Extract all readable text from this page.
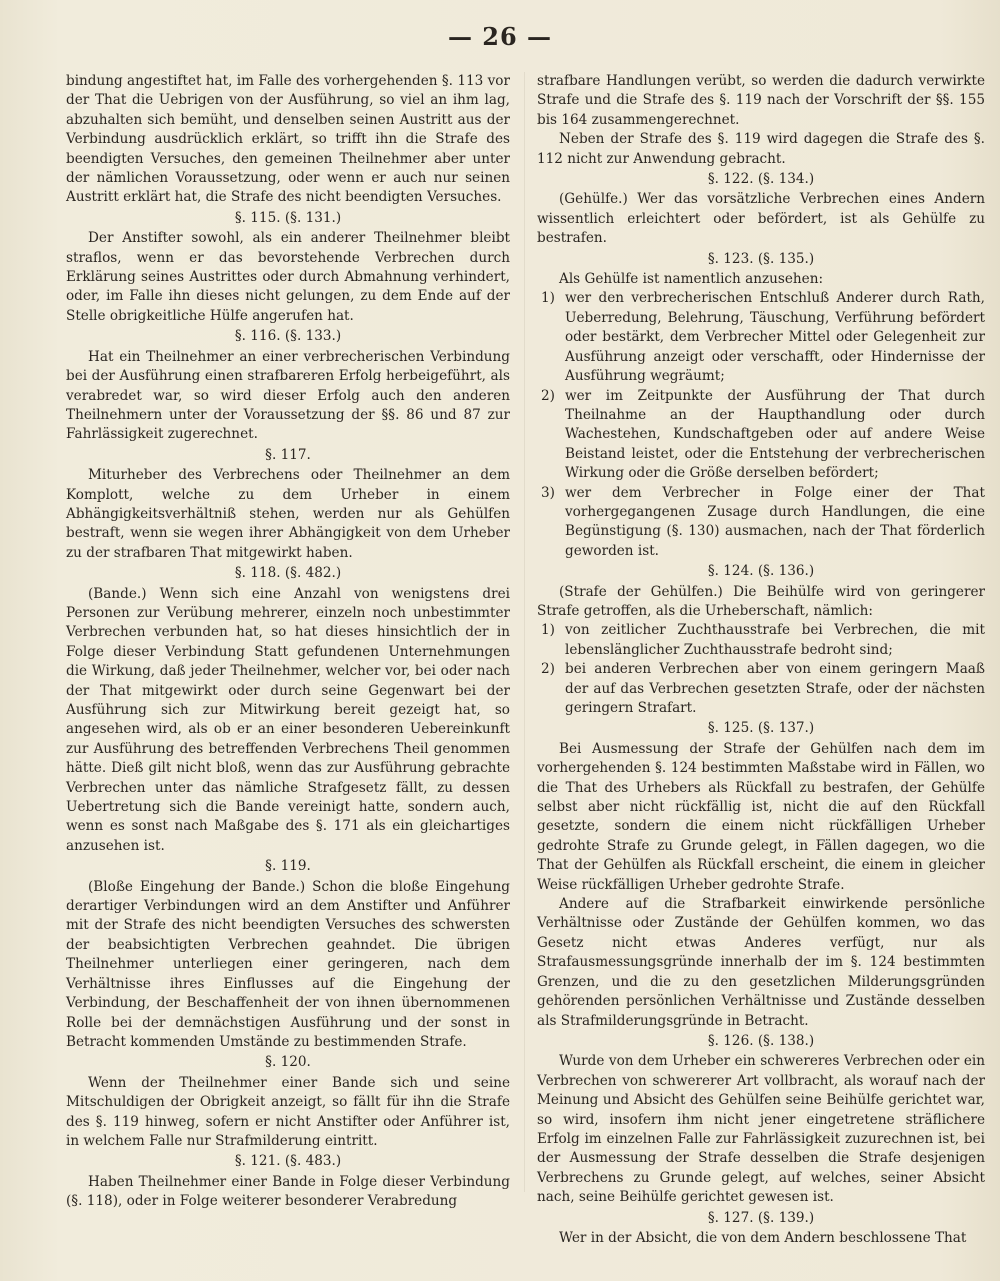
— 26 —

bindung angestiftet hat, im Falle des vorhergehenden §. 113 vor der That die Uebrigen von der Ausführung, so viel an ihm lag, abzuhalten sich bemüht, und denselben seinen Austritt aus der Verbindung ausdrücklich erklärt, so trifft ihn die Strafe des beendigten Versuches, den gemeinen Theilnehmer aber unter der nämlichen Voraussetzung, oder wenn er auch nur seinen Austritt erklärt hat, die Strafe des nicht beendigten Versuches.

§. 115. (§. 131.)

Der Anstifter sowohl, als ein anderer Theilnehmer bleibt straflos, wenn er das bevorstehende Verbrechen durch Erklärung seines Austrittes oder durch Abmahnung verhindert, oder, im Falle ihn dieses nicht gelungen, zu dem Ende auf der Stelle obrigkeitliche Hülfe angerufen hat.

§. 116. (§. 133.)

Hat ein Theilnehmer an einer verbrecherischen Verbindung bei der Ausführung einen strafbareren Erfolg herbeigeführt, als verabredet war, so wird dieser Erfolg auch den anderen Theilnehmern unter der Voraussetzung der §§. 86 und 87 zur Fahrlässigkeit zugerechnet.

§. 117.

Miturheber des Verbrechens oder Theilnehmer an dem Komplott, welche zu dem Urheber in einem Abhängigkeitsverhältniß stehen, werden nur als Gehülfen bestraft, wenn sie wegen ihrer Abhängigkeit von dem Urheber zu der strafbaren That mitgewirkt haben.

§. 118. (§. 482.)

(Bande.) Wenn sich eine Anzahl von wenigstens drei Personen zur Verübung mehrerer, einzeln noch unbestimmter Verbrechen verbunden hat, so hat dieses hinsichtlich der in Folge dieser Verbindung Statt gefundenen Unternehmungen die Wirkung, daß jeder Theilnehmer, welcher vor, bei oder nach der That mitgewirkt oder durch seine Gegenwart bei der Ausführung sich zur Mitwirkung bereit gezeigt hat, so angesehen wird, als ob er an einer besonderen Uebereinkunft zur Ausführung des betreffenden Verbrechens Theil genommen hätte. Dieß gilt nicht bloß, wenn das zur Ausführung gebrachte Verbrechen unter das nämliche Strafgesetz fällt, zu dessen Uebertretung sich die Bande vereinigt hatte, sondern auch, wenn es sonst nach Maßgabe des §. 171 als ein gleichartiges anzusehen ist.

§. 119.

(Bloße Eingehung der Bande.) Schon die bloße Eingehung derartiger Verbindungen wird an dem Anstifter und Anführer mit der Strafe des nicht beendigten Versuches des schwersten der beabsichtigten Verbrechen geahndet. Die übrigen Theilnehmer unterliegen einer geringeren, nach dem Verhältnisse ihres Einflusses auf die Eingehung der Verbindung, der Beschaffenheit der von ihnen übernommenen Rolle bei der demnächstigen Ausführung und der sonst in Betracht kommenden Umstände zu bestimmenden Strafe.

§. 120.

Wenn der Theilnehmer einer Bande sich und seine Mitschuldigen der Obrigkeit anzeigt, so fällt für ihn die Strafe des §. 119 hinweg, sofern er nicht Anstifter oder Anführer ist, in welchem Falle nur Strafmilderung eintritt.

§. 121. (§. 483.)

Haben Theilnehmer einer Bande in Folge dieser Verbindung (§. 118), oder in Folge weiterer besonderer Verabredung

strafbare Handlungen verübt, so werden die dadurch verwirkte Strafe und die Strafe des §. 119 nach der Vorschrift der §§. 155 bis 164 zusammengerechnet.

Neben der Strafe des §. 119 wird dagegen die Strafe des §. 112 nicht zur Anwendung gebracht.

§. 122. (§. 134.)

(Gehülfe.) Wer das vorsätzliche Verbrechen eines Andern wissentlich erleichtert oder befördert, ist als Gehülfe zu bestrafen.

§. 123. (§. 135.)

Als Gehülfe ist namentlich anzusehen:

1) wer den verbrecherischen Entschluß Anderer durch Rath, Ueberredung, Belehrung, Täuschung, Verführung befördert oder bestärkt, dem Verbrecher Mittel oder Gelegenheit zur Ausführung anzeigt oder verschafft, oder Hindernisse der Ausführung wegräumt;
2) wer im Zeitpunkte der Ausführung der That durch Theilnahme an der Haupthandlung oder durch Wachestehen, Kundschaftgeben oder auf andere Weise Beistand leistet, oder die Entstehung der verbrecherischen Wirkung oder die Größe derselben befördert;
3) wer dem Verbrecher in Folge einer der That vorhergegangenen Zusage durch Handlungen, die eine Begünstigung (§. 130) ausmachen, nach der That förderlich geworden ist.

§. 124. (§. 136.)

(Strafe der Gehülfen.) Die Beihülfe wird von geringerer Strafe getroffen, als die Urheberschaft, nämlich:

1) von zeitlicher Zuchthausstrafe bei Verbrechen, die mit lebenslänglicher Zuchthausstrafe bedroht sind;
2) bei anderen Verbrechen aber von einem geringern Maaß der auf das Verbrechen gesetzten Strafe, oder der nächsten geringern Strafart.

§. 125. (§. 137.)

Bei Ausmessung der Strafe der Gehülfen nach dem im vorhergehenden §. 124 bestimmten Maßstabe wird in Fällen, wo die That des Urhebers als Rückfall zu bestrafen, der Gehülfe selbst aber nicht rückfällig ist, nicht die auf den Rückfall gesetzte, sondern die einem nicht rückfälligen Urheber gedrohte Strafe zu Grunde gelegt, in Fällen dagegen, wo die That der Gehülfen als Rückfall erscheint, die einem in gleicher Weise rückfälligen Urheber gedrohte Strafe.

Andere auf die Strafbarkeit einwirkende persönliche Verhältnisse oder Zustände der Gehülfen kommen, wo das Gesetz nicht etwas Anderes verfügt, nur als Strafausmessungsgründe innerhalb der im §. 124 bestimmten Grenzen, und die zu den gesetzlichen Milderungsgründen gehörenden persönlichen Verhältnisse und Zustände desselben als Strafmilderungsgründe in Betracht.

§. 126. (§. 138.)

Wurde von dem Urheber ein schwereres Verbrechen oder ein Verbrechen von schwererer Art vollbracht, als worauf nach der Meinung und Absicht des Gehülfen seine Beihülfe gerichtet war, so wird, insofern ihm nicht jener eingetretene sträflichere Erfolg im einzelnen Falle zur Fahrlässigkeit zuzurechnen ist, bei der Ausmessung der Strafe desselben die Strafe desjenigen Verbrechens zu Grunde gelegt, auf welches, seiner Absicht nach, seine Beihülfe gerichtet gewesen ist.

§. 127. (§. 139.)

Wer in der Absicht, die von dem Andern beschlossene That
